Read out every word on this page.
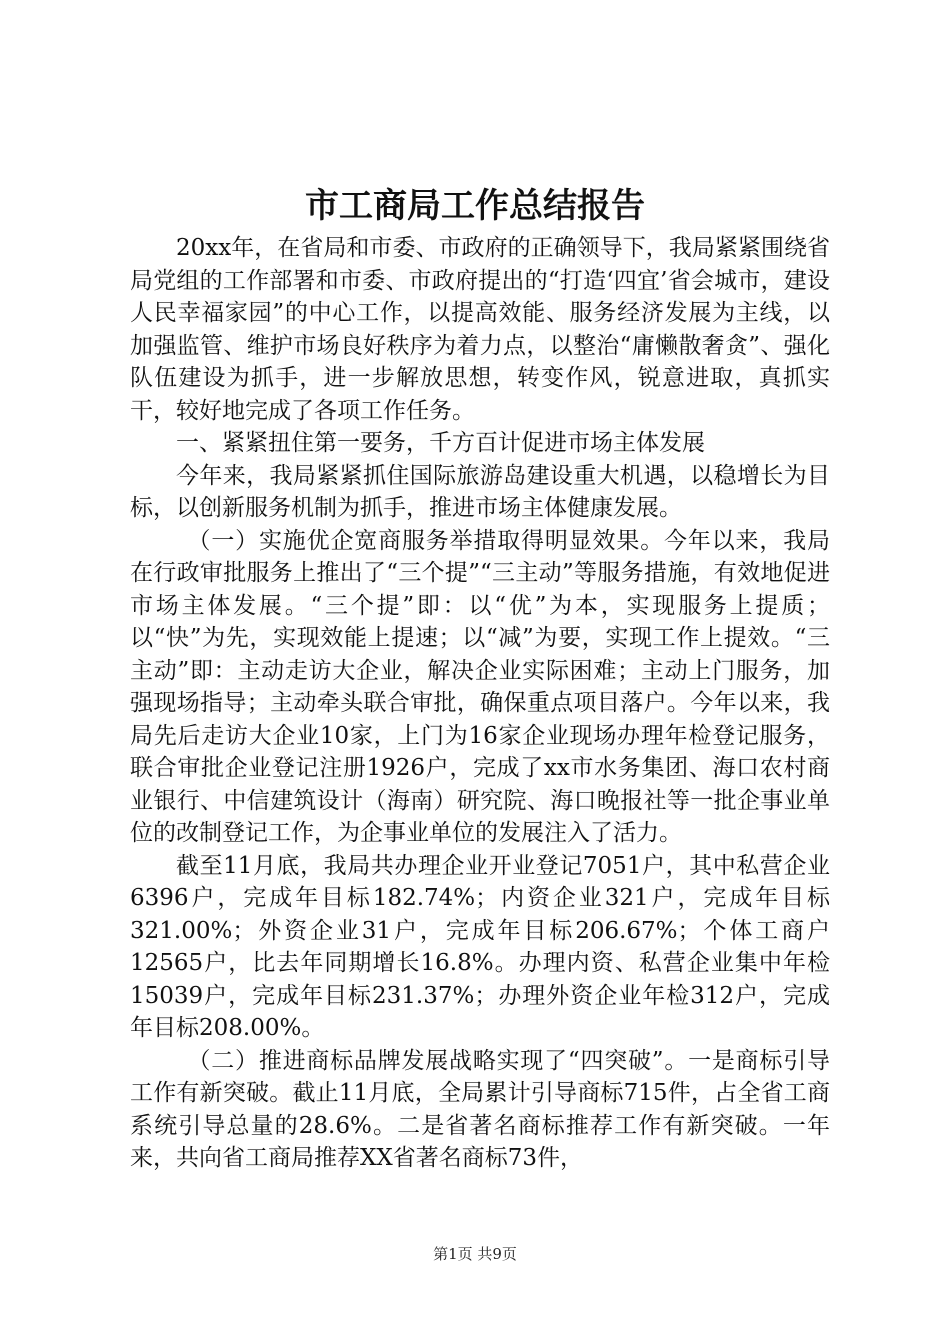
市工商局工作总结报告

20xx年，在省局和市委、市政府的正确领导下，我局紧紧围绕省局党组的工作部署和市委、市政府提出的“打造‘四宜’省会城市，建设人民幸福家园”的中心工作，以提高效能、服务经济发展为主线，以加强监管、维护市场良好秩序为着力点，以整治“庸懒散奢贪”、强化队伍建设为抓手，进一步解放思想，转变作风，锐意进取，真抓实干，较好地完成了各项工作任务。

一、紧紧扭住第一要务，千方百计促进市场主体发展

今年来，我局紧紧抓住国际旅游岛建设重大机遇，以稳增长为目标，以创新服务机制为抓手，推进市场主体健康发展。

（一）实施优企宽商服务举措取得明显效果。今年以来，我局在行政审批服务上推出了“三个提”“三主动”等服务措施，有效地促进市场主体发展。“三个提”即：以“优”为本，实现服务上提质；以“快”为先，实现效能上提速；以“减”为要，实现工作上提效。“三主动”即：主动走访大企业，解决企业实际困难；主动上门服务，加强现场指导；主动牵头联合审批，确保重点项目落户。今年以来，我局先后走访大企业10家，上门为16家企业现场办理年检登记服务，联合审批企业登记注册1926户，完成了xx市水务集团、海口农村商业银行、中信建筑设计（海南）研究院、海口晚报社等一批企事业单位的改制登记工作，为企事业单位的发展注入了活力。

截至11月底，我局共办理企业开业登记7051户，其中私营企业6396户，完成年目标182.74%；内资企业321户，完成年目标321.00%；外资企业31户，完成年目标206.67%；个体工商户12565户，比去年同期增长16.8%。办理内资、私营企业集中年检15039户，完成年目标231.37%；办理外资企业年检312户，完成年目标208.00%。

（二）推进商标品牌发展战略实现了“四突破”。一是商标引导工作有新突破。截止11月底，全局累计引导商标715件，占全省工商系统引导总量的28.6%。二是省著名商标推荐工作有新突破。一年来，共向省工商局推荐XX省著名商标73件，

第1页 共9页
